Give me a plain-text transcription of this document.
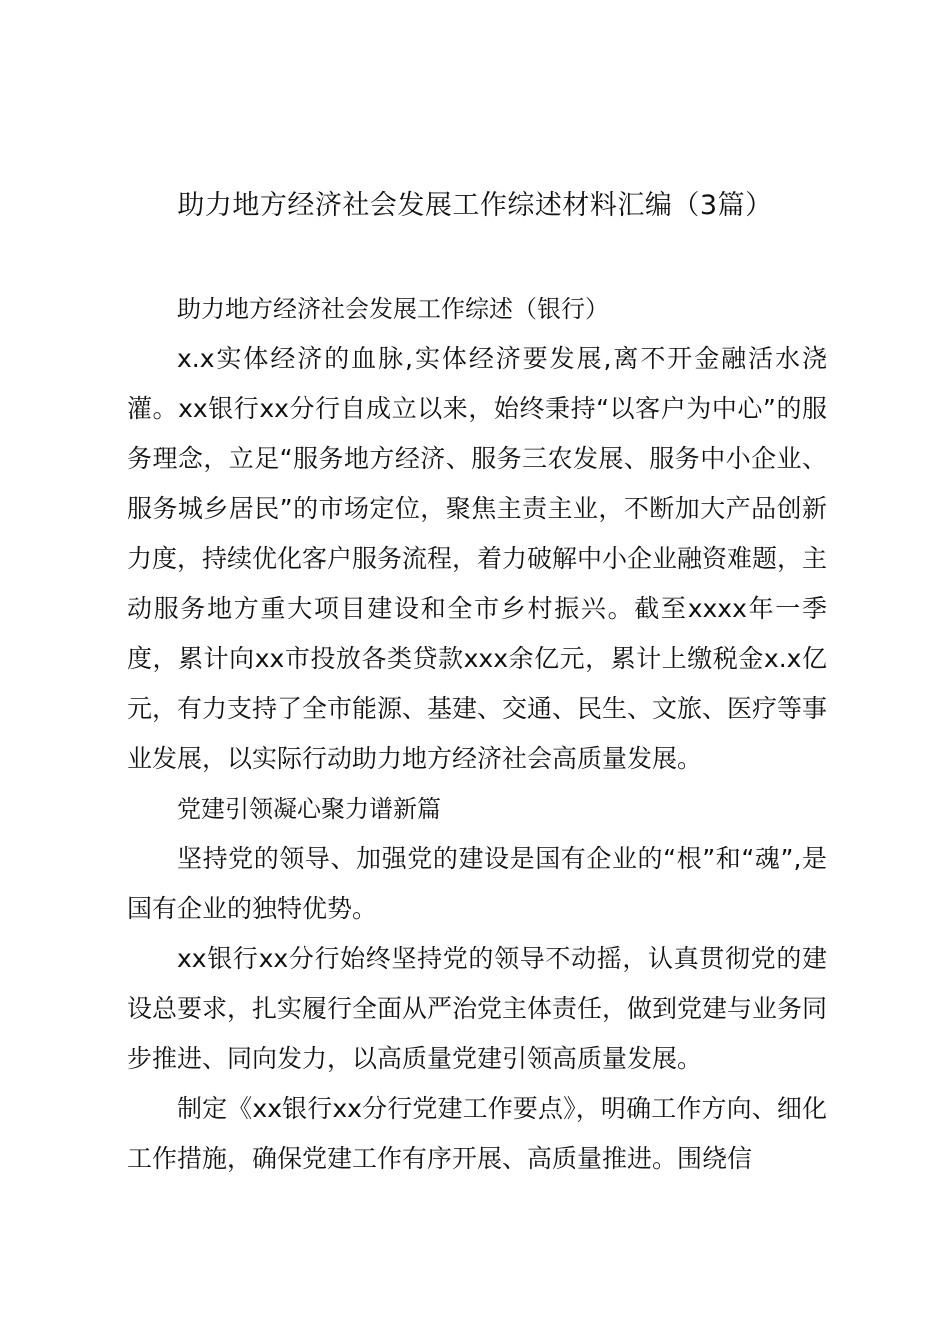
助力地方经济社会发展工作综述材料汇编（3篇）

助力地方经济社会发展工作综述（银行）

x.x实体经济的血脉,实体经济要发展,离不开金融活水浇灌。xx银行xx分行自成立以来，始终秉持“以客户为中心”的服务理念，立足“服务地方经济、服务三农发展、服务中小企业、服务城乡居民”的市场定位，聚焦主责主业，不断加大产品创新力度，持续优化客户服务流程，着力破解中小企业融资难题，主动服务地方重大项目建设和全市乡村振兴。截至xxxx年一季度，累计向xx市投放各类贷款xxx余亿元，累计上缴税金x.x亿元，有力支持了全市能源、基建、交通、民生、文旅、医疗等事业发展，以实际行动助力地方经济社会高质量发展。

党建引领凝心聚力谱新篇

坚持党的领导、加强党的建设是国有企业的“根”和“魂”,是国有企业的独特优势。

xx银行xx分行始终坚持党的领导不动摇，认真贯彻党的建设总要求，扎实履行全面从严治党主体责任，做到党建与业务同步推进、同向发力，以高质量党建引领高质量发展。

制定《xx银行xx分行党建工作要点》，明确工作方向、细化工作措施，确保党建工作有序开展、高质量推进。围绕信
